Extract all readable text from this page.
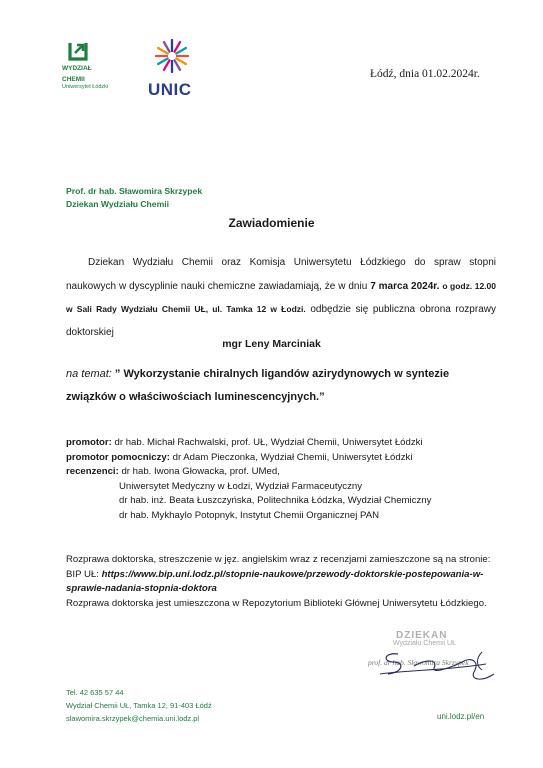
WYDZIAŁ
CHEMII
Uniwersytet Łódzki	UNIC
Łódź, dnia 01.02.2024r.
Prof. dr hab. Sławomira Skrzypek
Dziekan Wydziału Chemii
Zawiadomienie
Dziekan Wydziału Chemii oraz Komisja Uniwersytetu Łódzkiego do spraw stopni naukowych w dyscyplinie nauki chemiczne zawiadamiają, że w dniu 7 marca 2024r. o godz. 12.00 w Sali Rady Wydziału Chemii UŁ, ul. Tamka 12 w Łodzi. odbędzie się publiczna obrona rozprawy doktorskiej
mgr Leny Marciniak
na temat: ” Wykorzystanie chiralnych ligandów azirydynowych w syntezie związków o właściwościach luminescencyjnych.”
promotor: dr hab. Michał Rachwalski, prof. UŁ, Wydział Chemii, Uniwersytet Łódzki
promotor pomocniczy: dr Adam Pieczonka, Wydział Chemii, Uniwersytet Łódzki
recenzenci: dr hab. Iwona Głowacka, prof. UMed,
Uniwersytet Medyczny w Łodzi, Wydział Farmaceutyczny
dr hab. inż. Beata Łuszczyńska, Politechnika Łódzka, Wydział Chemiczny
dr hab. Mykhaylo Potopnyk, Instytut Chemii Organicznej PAN
Rozprawa doktorska, streszczenie w jęz. angielskim wraz z recenzjami zamieszczone są na stronie: BIP UŁ: https://www.bip.uni.lodz.pl/stopnie-naukowe/przewody-doktorskie-postepowania-w-sprawie-nadania-stopnia-doktora
Rozprawa doktorska jest umieszczona w Repozytorium Biblioteki Głównej Uniwersytetu Łódzkiego.
DZIEKAN
Wydziału Chemii UŁ
prof. dr hab. Sławomira Skrzypek
Tel. 42 635 57 44
Wydział Chemii UŁ, Tamka 12, 91-403 Łódź
slawomira.skrzypek@chemia.uni.lodz.pl	uni.lodz.pl/en
